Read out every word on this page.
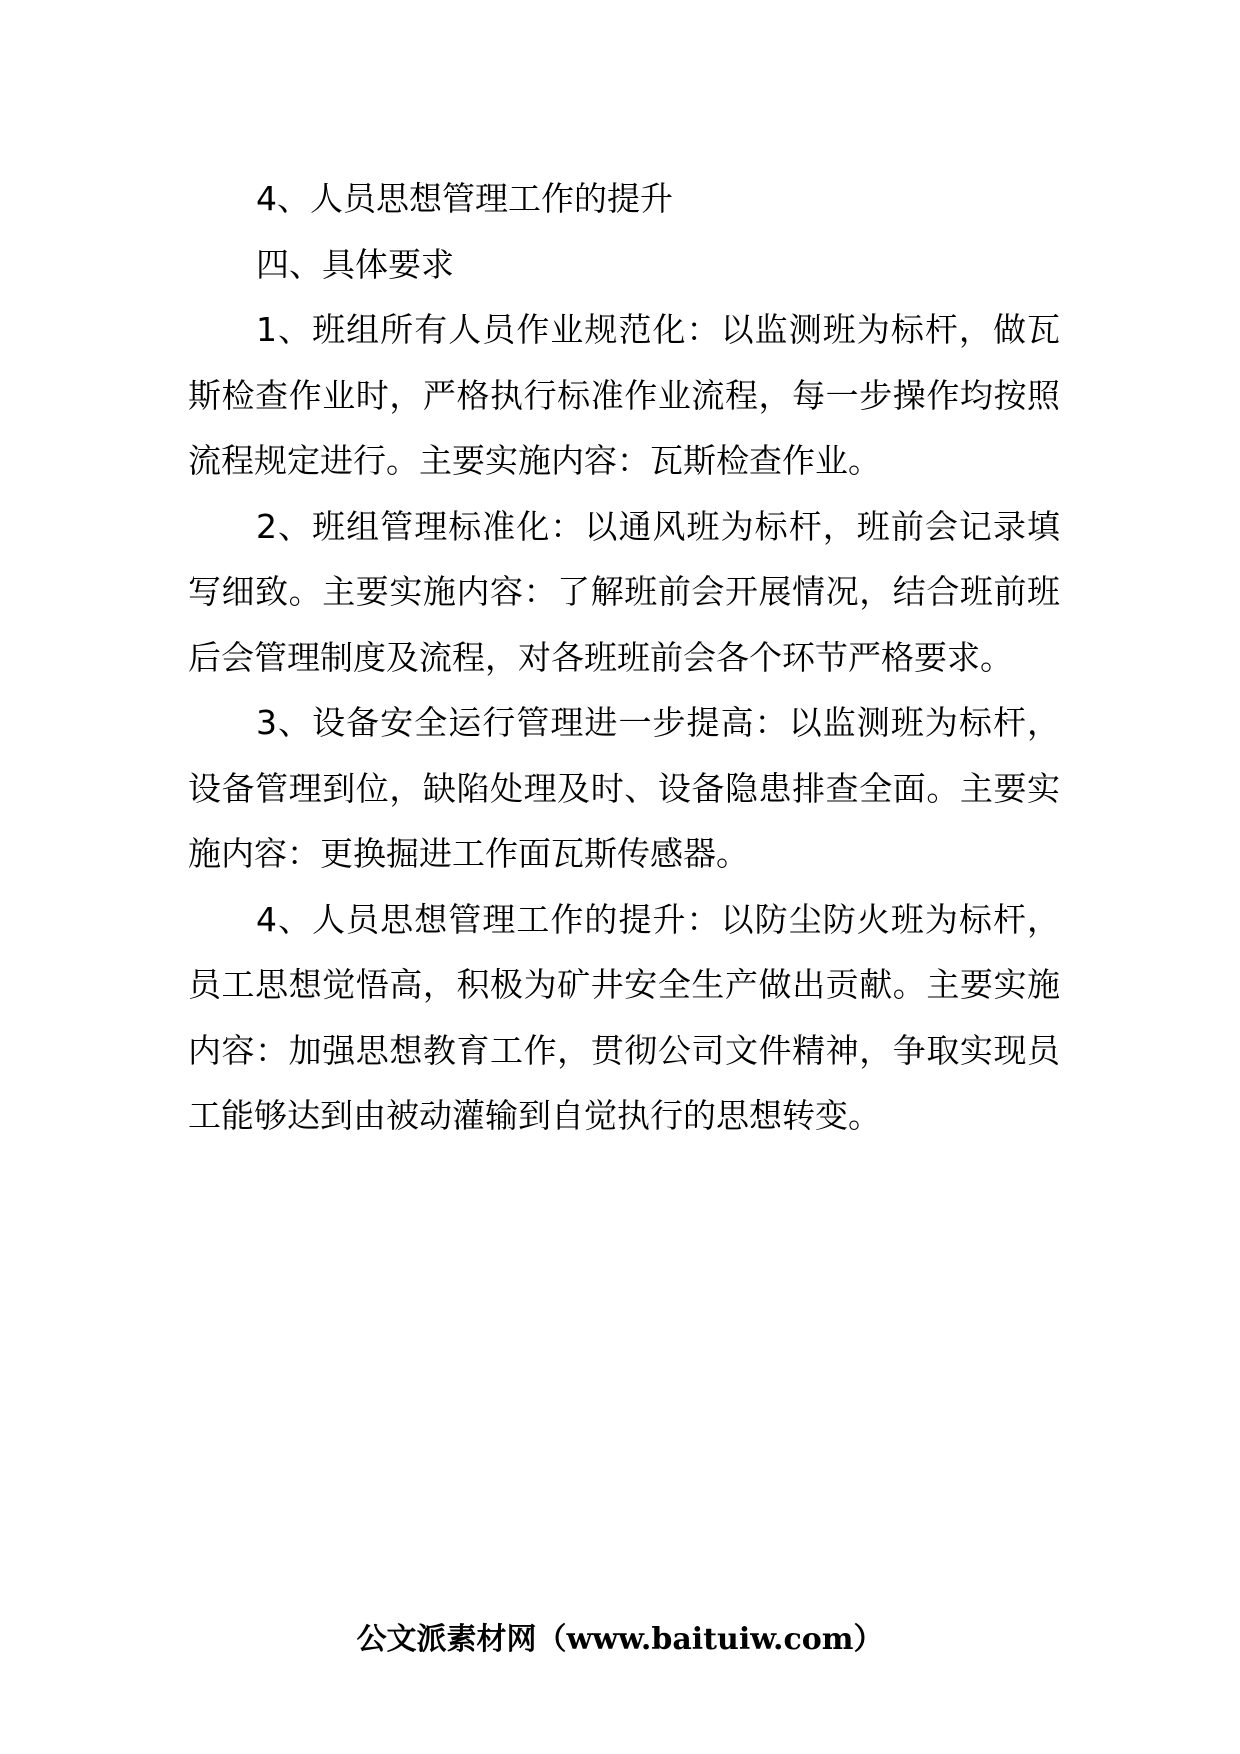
4、人员思想管理工作的提升

四、具体要求

1、班组所有人员作业规范化：以监测班为标杆，做瓦斯检查作业时，严格执行标准作业流程，每一步操作均按照流程规定进行。主要实施内容：瓦斯检查作业。

2、班组管理标准化：以通风班为标杆，班前会记录填写细致。主要实施内容：了解班前会开展情况，结合班前班后会管理制度及流程，对各班班前会各个环节严格要求。

3、设备安全运行管理进一步提高：以监测班为标杆，设备管理到位，缺陷处理及时、设备隐患排查全面。主要实施内容：更换掘进工作面瓦斯传感器。

4、人员思想管理工作的提升：以防尘防火班为标杆，员工思想觉悟高，积极为矿井安全生产做出贡献。主要实施内容：加强思想教育工作，贯彻公司文件精神，争取实现员工能够达到由被动灌输到自觉执行的思想转变。

公文派素材网（www.baituiw.com）
